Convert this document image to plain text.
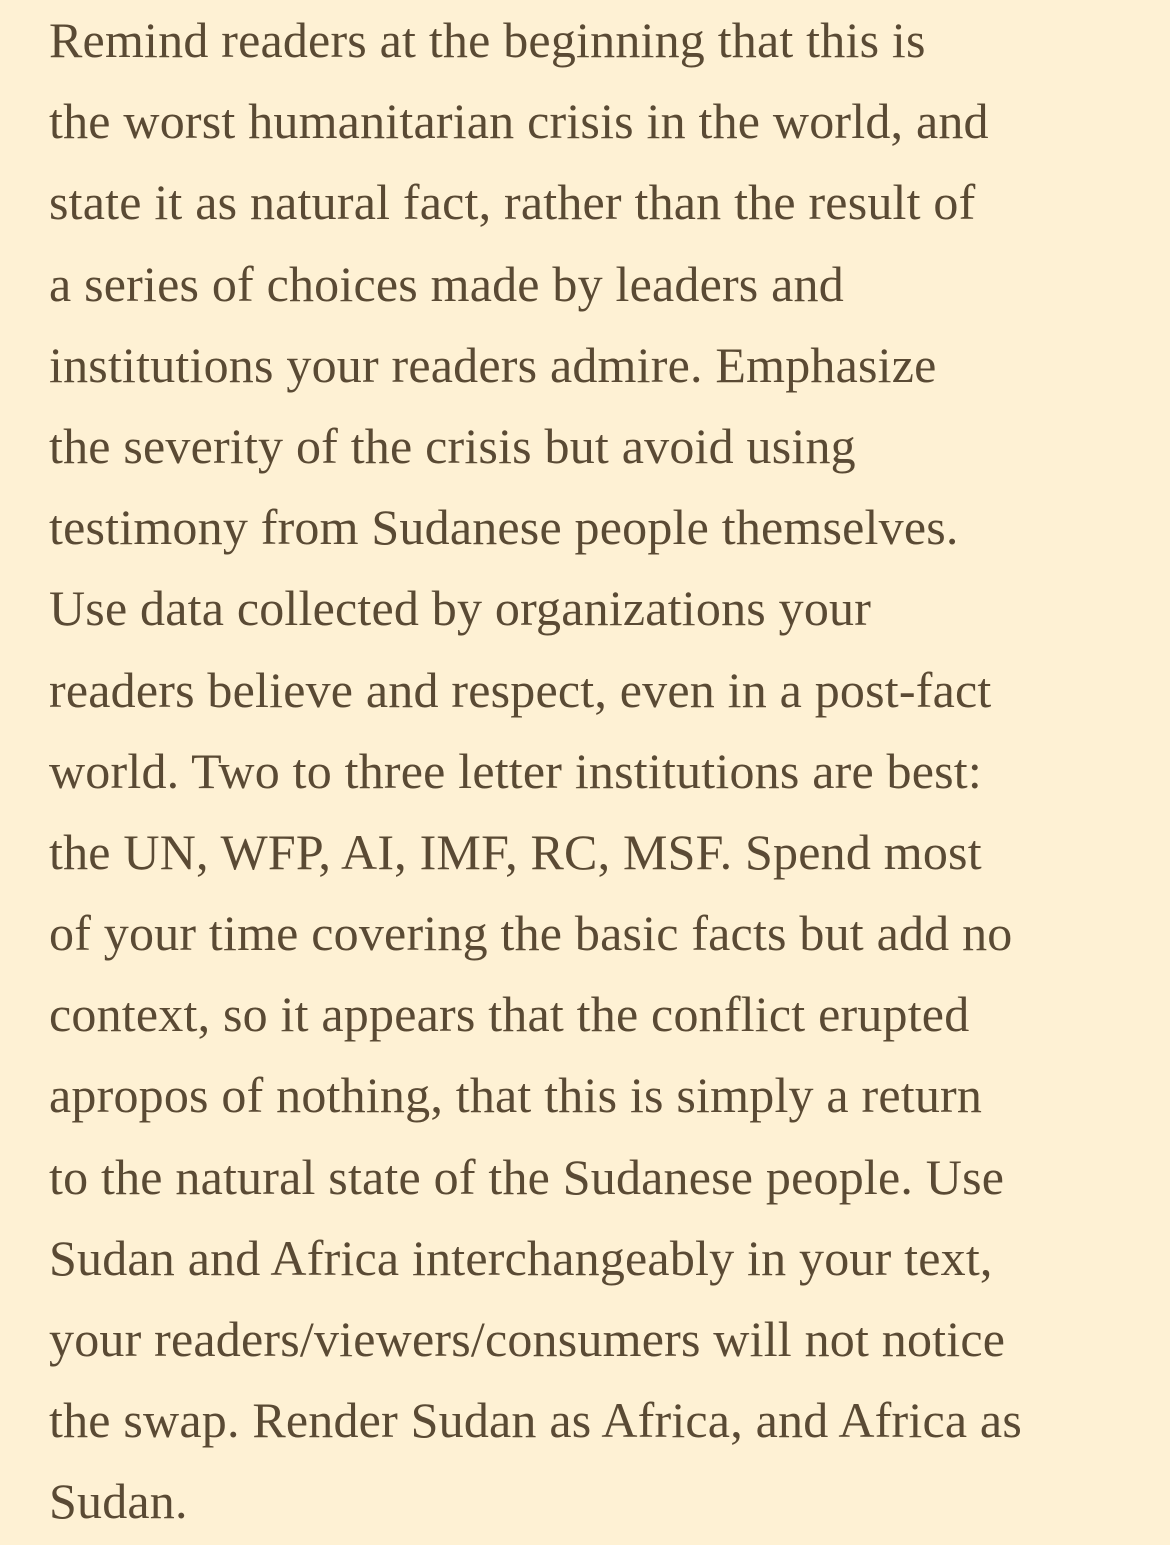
Remind readers at the beginning that this is
the worst humanitarian crisis in the world, and
state it as natural fact, rather than the result of
a series of choices made by leaders and
institutions your readers admire. Emphasize
the severity of the crisis but avoid using
testimony from Sudanese people themselves.
Use data collected by organizations your
readers believe and respect, even in a post-fact
world. Two to three letter institutions are best:
the UN, WFP, AI, IMF, RC, MSF. Spend most
of your time covering the basic facts but add no
context, so it appears that the conflict erupted
apropos of nothing, that this is simply a return
to the natural state of the Sudanese people. Use
Sudan and Africa interchangeably in your text,
your readers/viewers/consumers will not notice
the swap. Render Sudan as Africa, and Africa as
Sudan.
